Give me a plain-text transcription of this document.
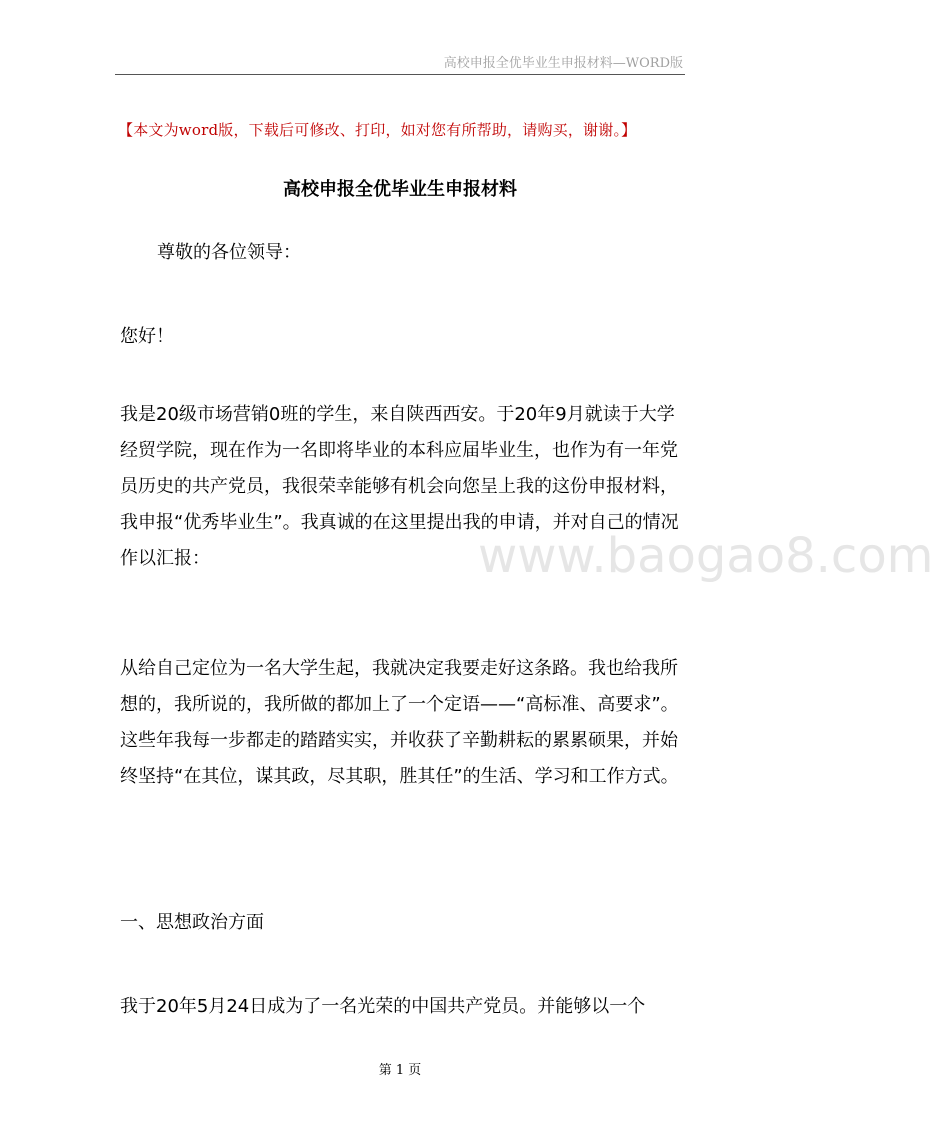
高校申报全优毕业生申报材料—WORD版
【本文为word版，下载后可修改、打印，如对您有所帮助，请购买，谢谢。】
www.baogao8.com
高校申报全优毕业生申报材料

尊敬的各位领导：

您好！

我是20级市场营销0班的学生，来自陕西西安。于20年9月就读于大学经贸学院，现在作为一名即将毕业的本科应届毕业生，也作为有一年党员历史的共产党员，我很荣幸能够有机会向您呈上我的这份申报材料，我申报“优秀毕业生”。我真诚的在这里提出我的申请，并对自己的情况作以汇报：

从给自己定位为一名大学生起，我就决定我要走好这条路。我也给我所想的，我所说的，我所做的都加上了一个定语——“高标准、高要求”。这些年我每一步都走的踏踏实实，并收获了辛勤耕耘的累累硕果，并始终坚持“在其位，谋其政，尽其职，胜其任”的生活、学习和工作方式。

一、思想政治方面

我于20年5月24日成为了一名光荣的中国共产党员。并能够以一个

第 1 页
